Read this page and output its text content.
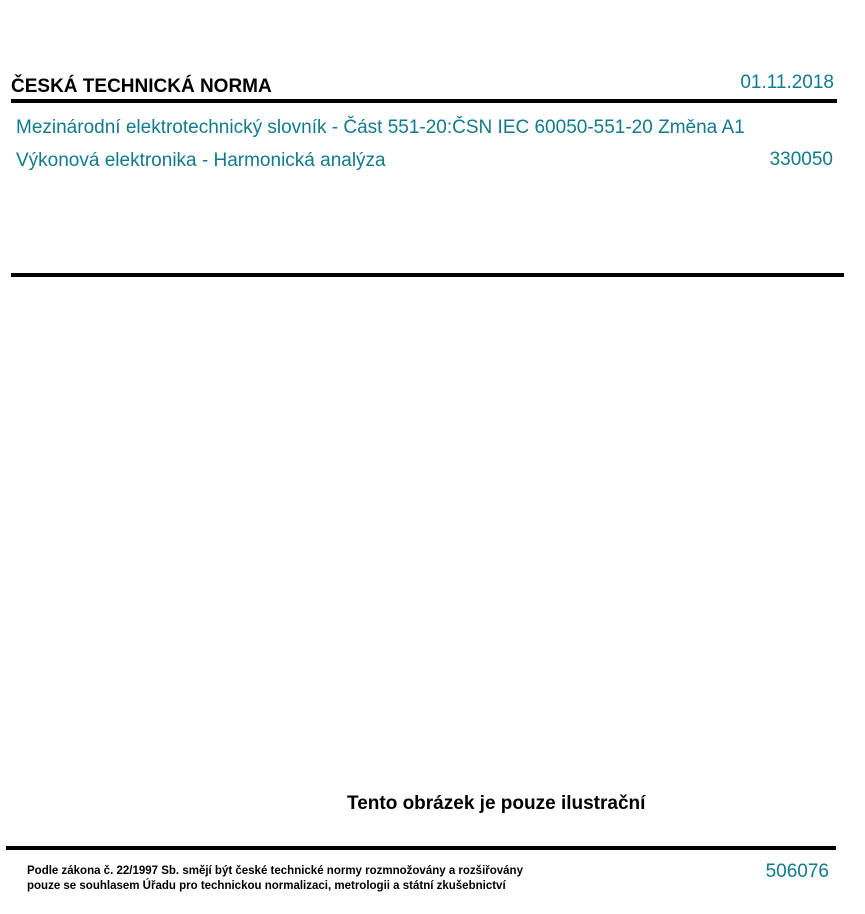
ČESKÁ TECHNICKÁ NORMA	01.11.2018
Mezinárodní elektrotechnický slovník - Část 551-20:ČSN IEC 60050-551-20 Změna A1
Výkonová elektronika - Harmonická analýza	330050
Tento obrázek je pouze ilustrační
Podle zákona č. 22/1997 Sb. smějí být české technické normy rozmnožovány a rozšiřovány
pouze se souhlasem Úřadu pro technickou normalizaci, metrologii a státní zkušebnictví
506076
